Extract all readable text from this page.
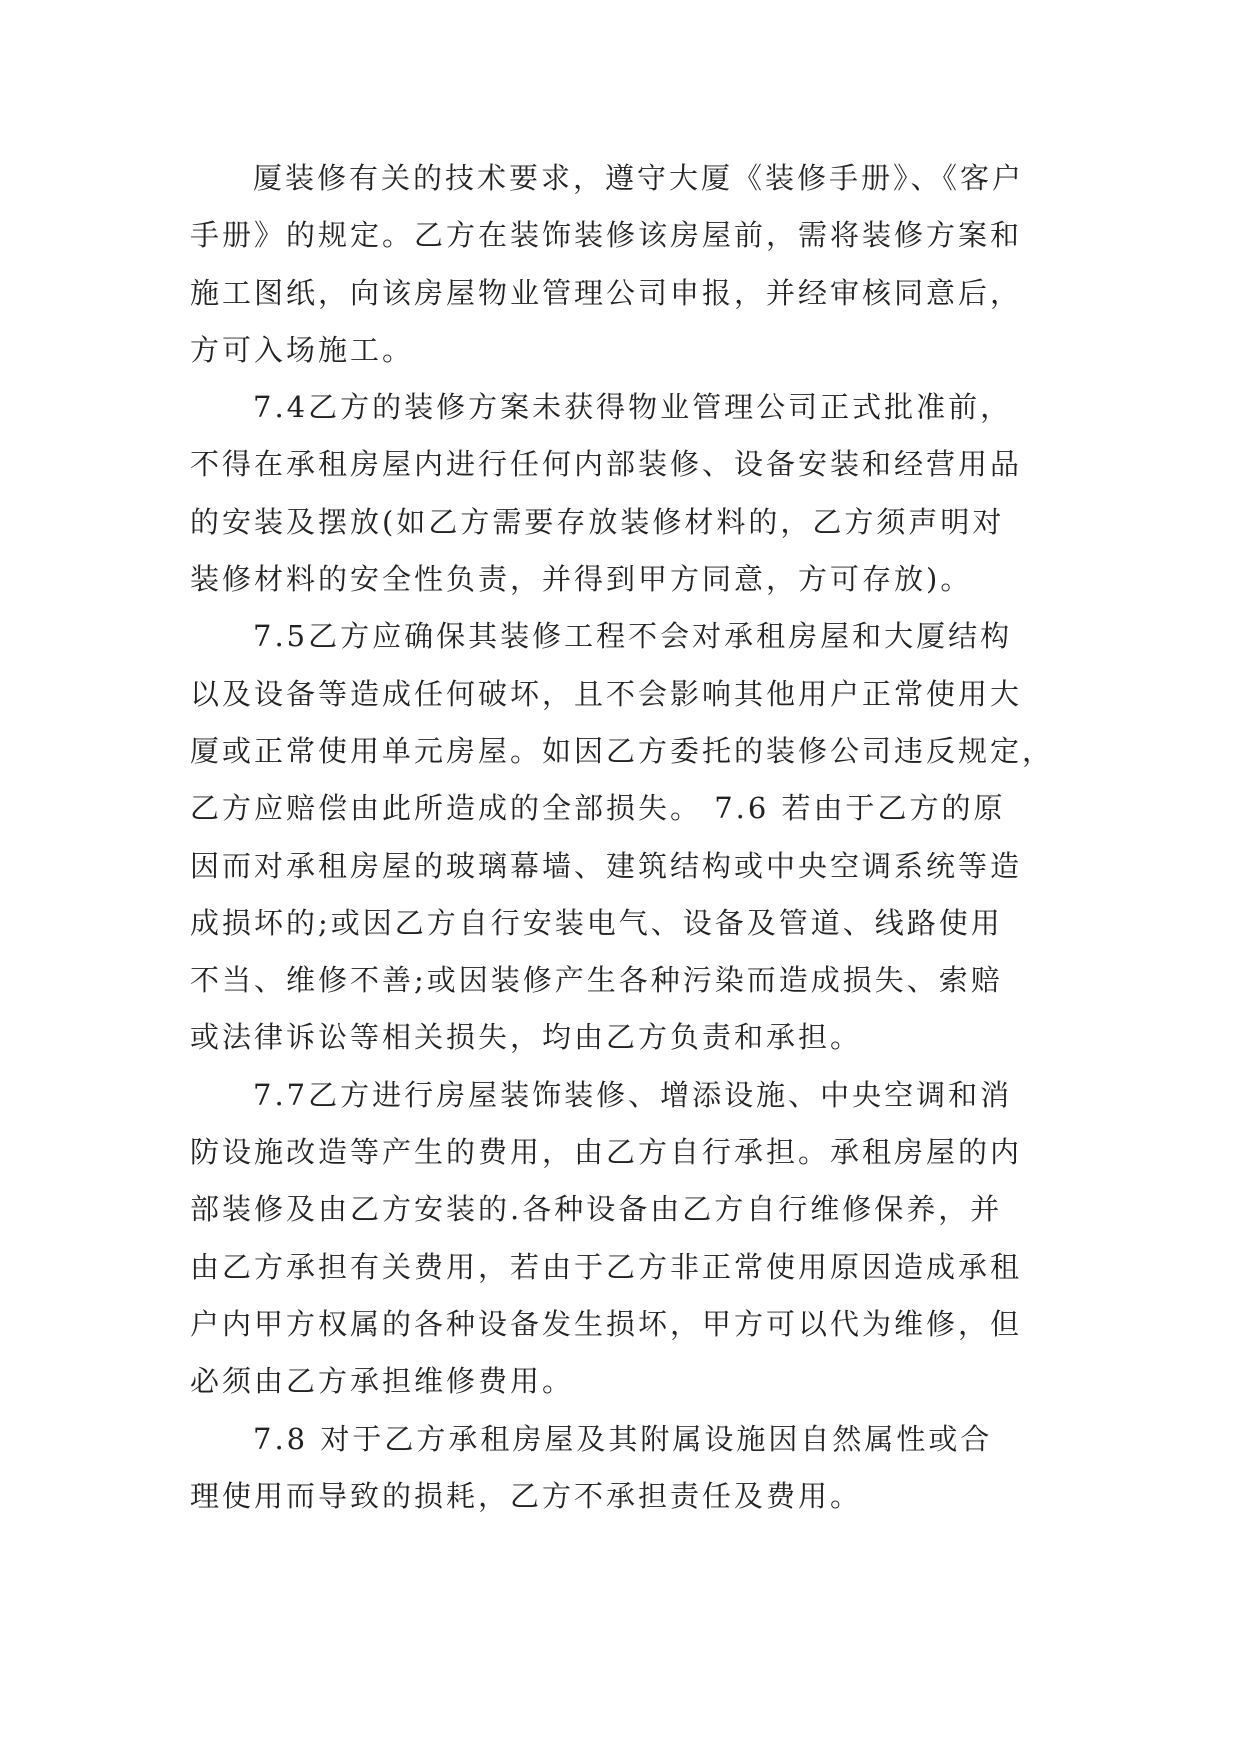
厦装修有关的技术要求，遵守大厦《装修手册》、《客户
手册》的规定。乙方在装饰装修该房屋前，需将装修方案和
施工图纸，向该房屋物业管理公司申报，并经审核同意后，
方可入场施工。
7.4乙方的装修方案未获得物业管理公司正式批准前，
不得在承租房屋内进行任何内部装修、设备安装和经营用品
的安装及摆放(如乙方需要存放装修材料的，乙方须声明对
装修材料的安全性负责，并得到甲方同意，方可存放)。
7.5乙方应确保其装修工程不会对承租房屋和大厦结构
以及设备等造成任何破坏，且不会影响其他用户正常使用大
厦或正常使用单元房屋。如因乙方委托的装修公司违反规定，
乙方应赔偿由此所造成的全部损失。 7.6 若由于乙方的原
因而对承租房屋的玻璃幕墙、建筑结构或中央空调系统等造
成损坏的;或因乙方自行安装电气、设备及管道、线路使用
不当、维修不善;或因装修产生各种污染而造成损失、索赔
或法律诉讼等相关损失，均由乙方负责和承担。
7.7乙方进行房屋装饰装修、增添设施、中央空调和消
防设施改造等产生的费用，由乙方自行承担。承租房屋的内
部装修及由乙方安装的.各种设备由乙方自行维修保养，并
由乙方承担有关费用，若由于乙方非正常使用原因造成承租
户内甲方权属的各种设备发生损坏，甲方可以代为维修，但
必须由乙方承担维修费用。
7.8 对于乙方承租房屋及其附属设施因自然属性或合
理使用而导致的损耗，乙方不承担责任及费用。
